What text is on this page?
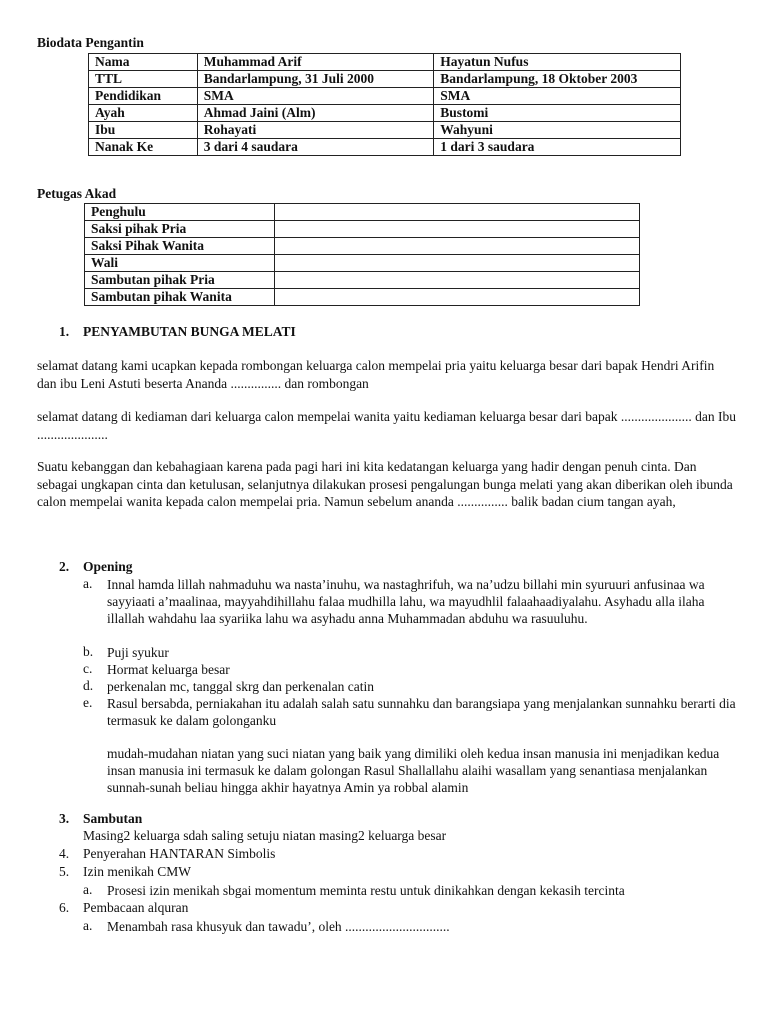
Biodata Pengantin
Nama	Muhammad Arif	Hayatun Nufus
TTL	Bandarlampung, 31 Juli 2000	Bandarlampung, 18 Oktober 2003
Pendidikan	SMA	SMA
Ayah	Ahmad Jaini (Alm)	Bustomi
Ibu	Rohayati	Wahyuni
Nanak Ke	3 dari 4 saudara	1 dari 3 saudara
Petugas Akad
Penghulu	
Saksi pihak Pria	
Saksi Pihak Wanita	
Wali	
Sambutan pihak Pria	
Sambutan pihak Wanita	
1. PENYAMBUTAN BUNGA MELATI

selamat datang kami ucapkan kepada rombongan keluarga calon mempelai pria yaitu keluarga besar dari bapak Hendri Arifin dan ibu Leni Astuti beserta Ananda ............... dan rombongan

selamat datang di kediaman dari keluarga calon mempelai wanita yaitu kediaman keluarga besar dari bapak ..................... dan Ibu .....................

Suatu kebanggan dan kebahagiaan karena pada pagi hari ini kita kedatangan keluarga yang hadir dengan penuh cinta. Dan sebagai ungkapan cinta dan ketulusan, selanjutnya dilakukan prosesi pengalungan bunga melati yang akan diberikan oleh ibunda calon mempelai wanita kepada calon mempelai pria. Namun sebelum ananda ............... balik badan cium tangan ayah,

2. Opening
a. Innal hamda lillah nahmaduhu wa nasta’inuhu, wa nastaghrifuh, wa na’udzu billahi min syuruuri anfusinaa wa sayyiaati a’maalinaa, mayyahdihillahu falaa mudhilla lahu, wa mayudhlil falaahaadiyalahu. Asyhadu alla ilaha illallah wahdahu laa syariika lahu wa asyhadu anna Muhammadan abduhu wa rasuuluhu.

b. Puji syukur

c. Hormat keluarga besar

d. perkenalan mc, tanggal skrg dan perkenalan catin

e. Rasul bersabda, perniakahan itu adalah salah satu sunnahku dan barangsiapa yang menjalankan sunnahku berarti dia termasuk ke dalam golonganku

mudah-mudahan niatan yang suci niatan yang baik yang dimiliki oleh kedua insan manusia ini menjadikan kedua insan manusia ini termasuk ke dalam golongan Rasul Shallallahu alaihi wasallam yang senantiasa menjalankan sunnah-sunah beliau hingga akhir hayatnya Amin ya robbal alamin

3. Sambutan
Masing2 keluarga sdah saling setuju niatan masing2 keluarga besar
4. Penyerahan HANTARAN Simbolis
5. Izin menikah CMW
a. Prosesi izin menikah sbgai momentum meminta restu untuk dinikahkan dengan kekasih tercinta

6. Pembacaan alquran
a. Menambah rasa khusyuk dan tawadu’, oleh ...............................
